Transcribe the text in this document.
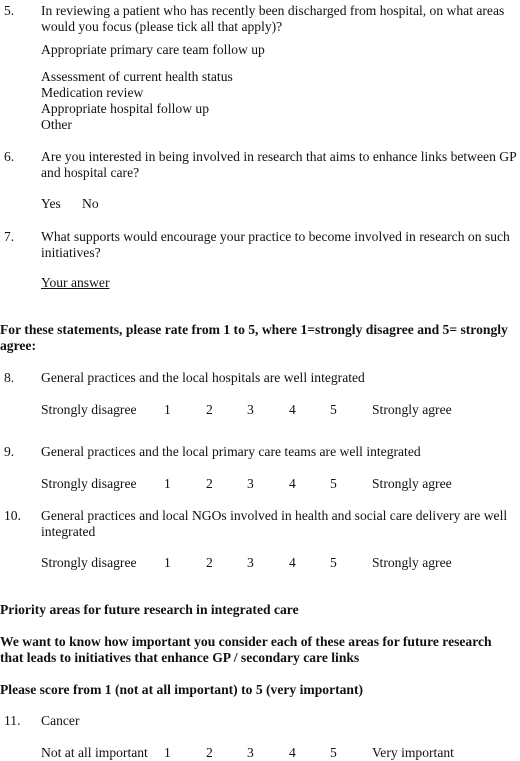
5. In reviewing a patient who has recently been discharged from hospital, on what areas would you focus (please tick all that apply)?
Appropriate primary care team follow up
Assessment of current health status
Medication review
Appropriate hospital follow up
Other
6. Are you interested in being involved in research that aims to enhance links between GP and hospital care?
Yes No
7. What supports would encourage your practice to become involved in research on such initiatives?
Your answer
For these statements, please rate from 1 to 5, where 1=strongly disagree and 5= strongly agree:
8. General practices and the local hospitals are well integrated
Strongly disagree 1	2	3	4	5	Strongly agree
9. General practices and the local primary care teams are well integrated
Strongly disagree 1	2	3	4	5	Strongly agree
10. General practices and local NGOs involved in health and social care delivery are well integrated
Strongly disagree 1	2	3	4	5	Strongly agree
Priority areas for future research in integrated care
We want to know how important you consider each of these areas for future research that leads to initiatives that enhance GP / secondary care links
Please score from 1 (not at all important) to 5 (very important)
11. Cancer
Not at all important 1	2	3	4	5	Very important
